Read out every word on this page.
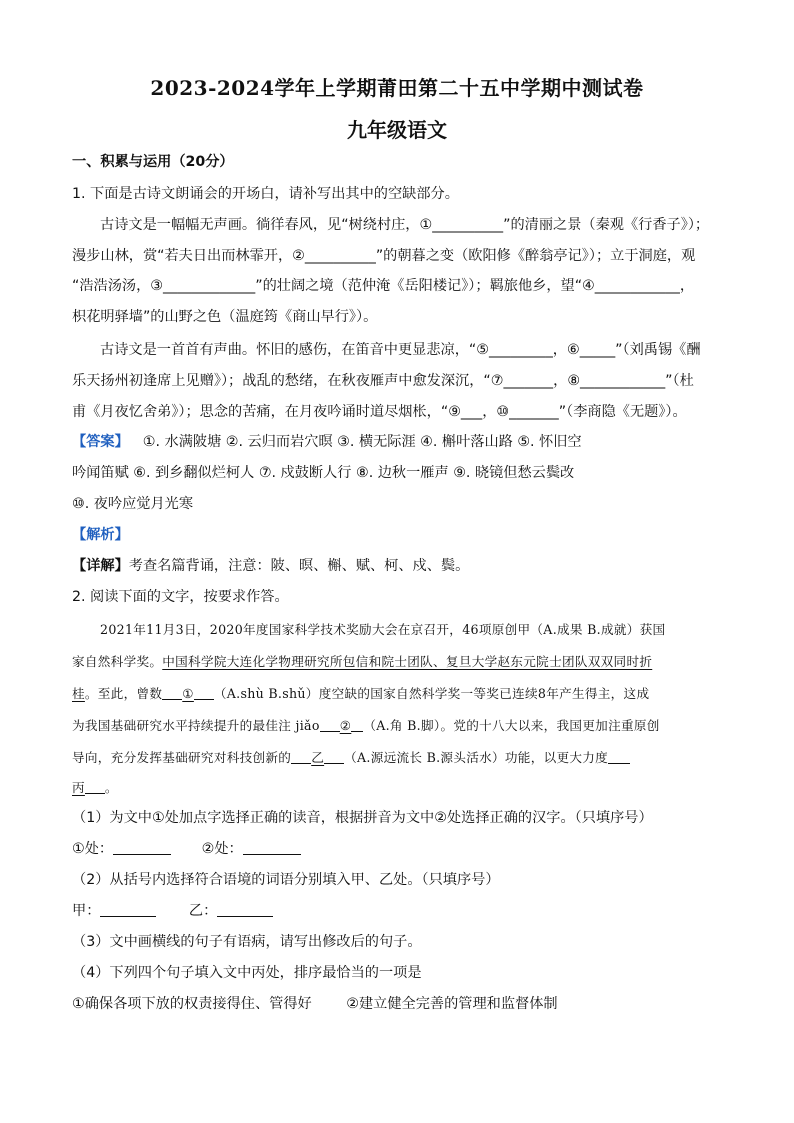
2023-2024学年上学期莆田第二十五中学期中测试卷
九年级语文
一、积累与运用（20分）
1. 下面是古诗文朗诵会的开场白，请补写出其中的空缺部分。
古诗文是一幅幅无声画。徜徉春风，见“树绕村庄，①__________”的清丽之景（秦观《行香子》）；
漫步山林，赏“若夫日出而林霏开，②__________”的朝暮之变（欧阳修《醉翁亭记》）；立于洞庭，观
“浩浩汤汤，③_____________”的壮阔之境（范仲淹《岳阳楼记》）；羁旅他乡，望“④____________，
枳花明驿墙”的山野之色（温庭筠《商山早行》）。
古诗文是一首首有声曲。怀旧的感伤，在笛音中更显悲凉，“⑤_________，⑥_____”（刘禹锡《酬
乐天扬州初逢席上见赠》）；战乱的愁绪，在秋夜雁声中愈发深沉，“⑦_______，⑧____________”（杜
甫《月夜忆舍弟》）；思念的苦痛，在月夜吟诵时道尽烟枨，“⑨___，⑩_______”（李商隐《无题》）。
【答案】 ①. 水满陂塘 ②. 云归而岩穴暝 ③. 横无际涯 ④. 槲叶落山路 ⑤. 怀旧空
吟闻笛赋 ⑥. 到乡翻似烂柯人 ⑦. 戍鼓断人行 ⑧. 边秋一雁声 ⑨. 晓镜但愁云鬓改
⑩. 夜吟应觉月光寒
【解析】
【详解】考查名篇背诵，注意：陂、暝、槲、赋、柯、戍、鬓。
2. 阅读下面的文字，按要求作答。
2021年11月3日，2020年度国家科学技术奖励大会在京召开，46项原创甲（A.成果 B.成就）获国
家自然科学奖。中国科学院大连化学物理研究所包信和院士团队、复旦大学赵东元院士团队双双同时折
桂。至此，曾数 ① （A.shù B.shǔ）度空缺的国家自然科学奖一等奖已连续8年产生得主，这成
为我国基础研究水平持续提升的最佳注 jiǎo ② （A.角 B.脚）。党的十八大以来，我国更加注重原创
导向，充分发挥基础研究对科技创新的 乙 （A.源远流长 B.源头活水）功能，以更大力度
丙 。
（1）为文中①处加点字选择正确的读音，根据拼音为文中②处选择正确的汉字。（只填序号）
①处：	②处：
（2）从括号内选择符合语境的词语分别填入甲、乙处。（只填序号）
甲：	乙：
（3）文中画横线的句子有语病，请写出修改后的句子。
（4）下列四个句子填入文中丙处，排序最恰当的一项是
①确保各项下放的权责接得住、管得好 ②建立健全完善的管理和监督体制
